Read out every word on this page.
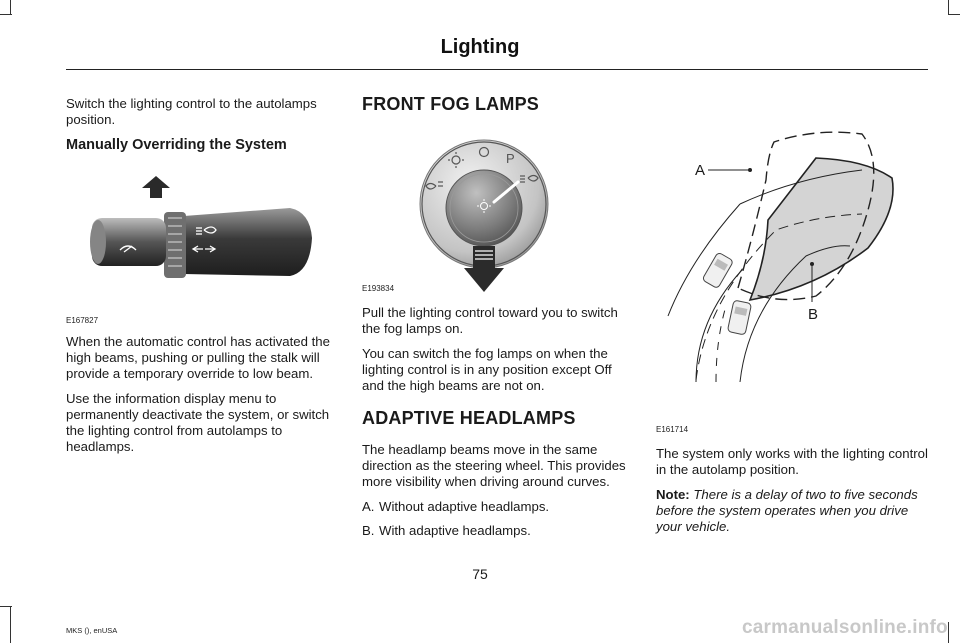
Lighting

Switch the lighting control to the autolamps position.

Manually Overriding the System
E167827

When the automatic control has activated the high beams, pushing or pulling the stalk will provide a temporary override to low beam.

Use the information display menu to permanently deactivate the system, or switch the lighting control from autolamps to headlamps.

FRONT FOG LAMPS
P
E193834

Pull the lighting control toward you to switch the fog lamps on.

You can switch the fog lamps on when the lighting control is in any position except Off and the high beams are not on.

ADAPTIVE HEADLAMPS

The headlamp beams move in the same direction as the steering wheel. This provides more visibility when driving around curves.

A. Without adaptive headlamps.
B. With adaptive headlamps.
A
B
E161714

The system only works with the lighting control in the autolamp position.

Note: There is a delay of two to five seconds before the system operates when you drive your vehicle.

75
MKS (), enUSA	carmanualsonline.info
